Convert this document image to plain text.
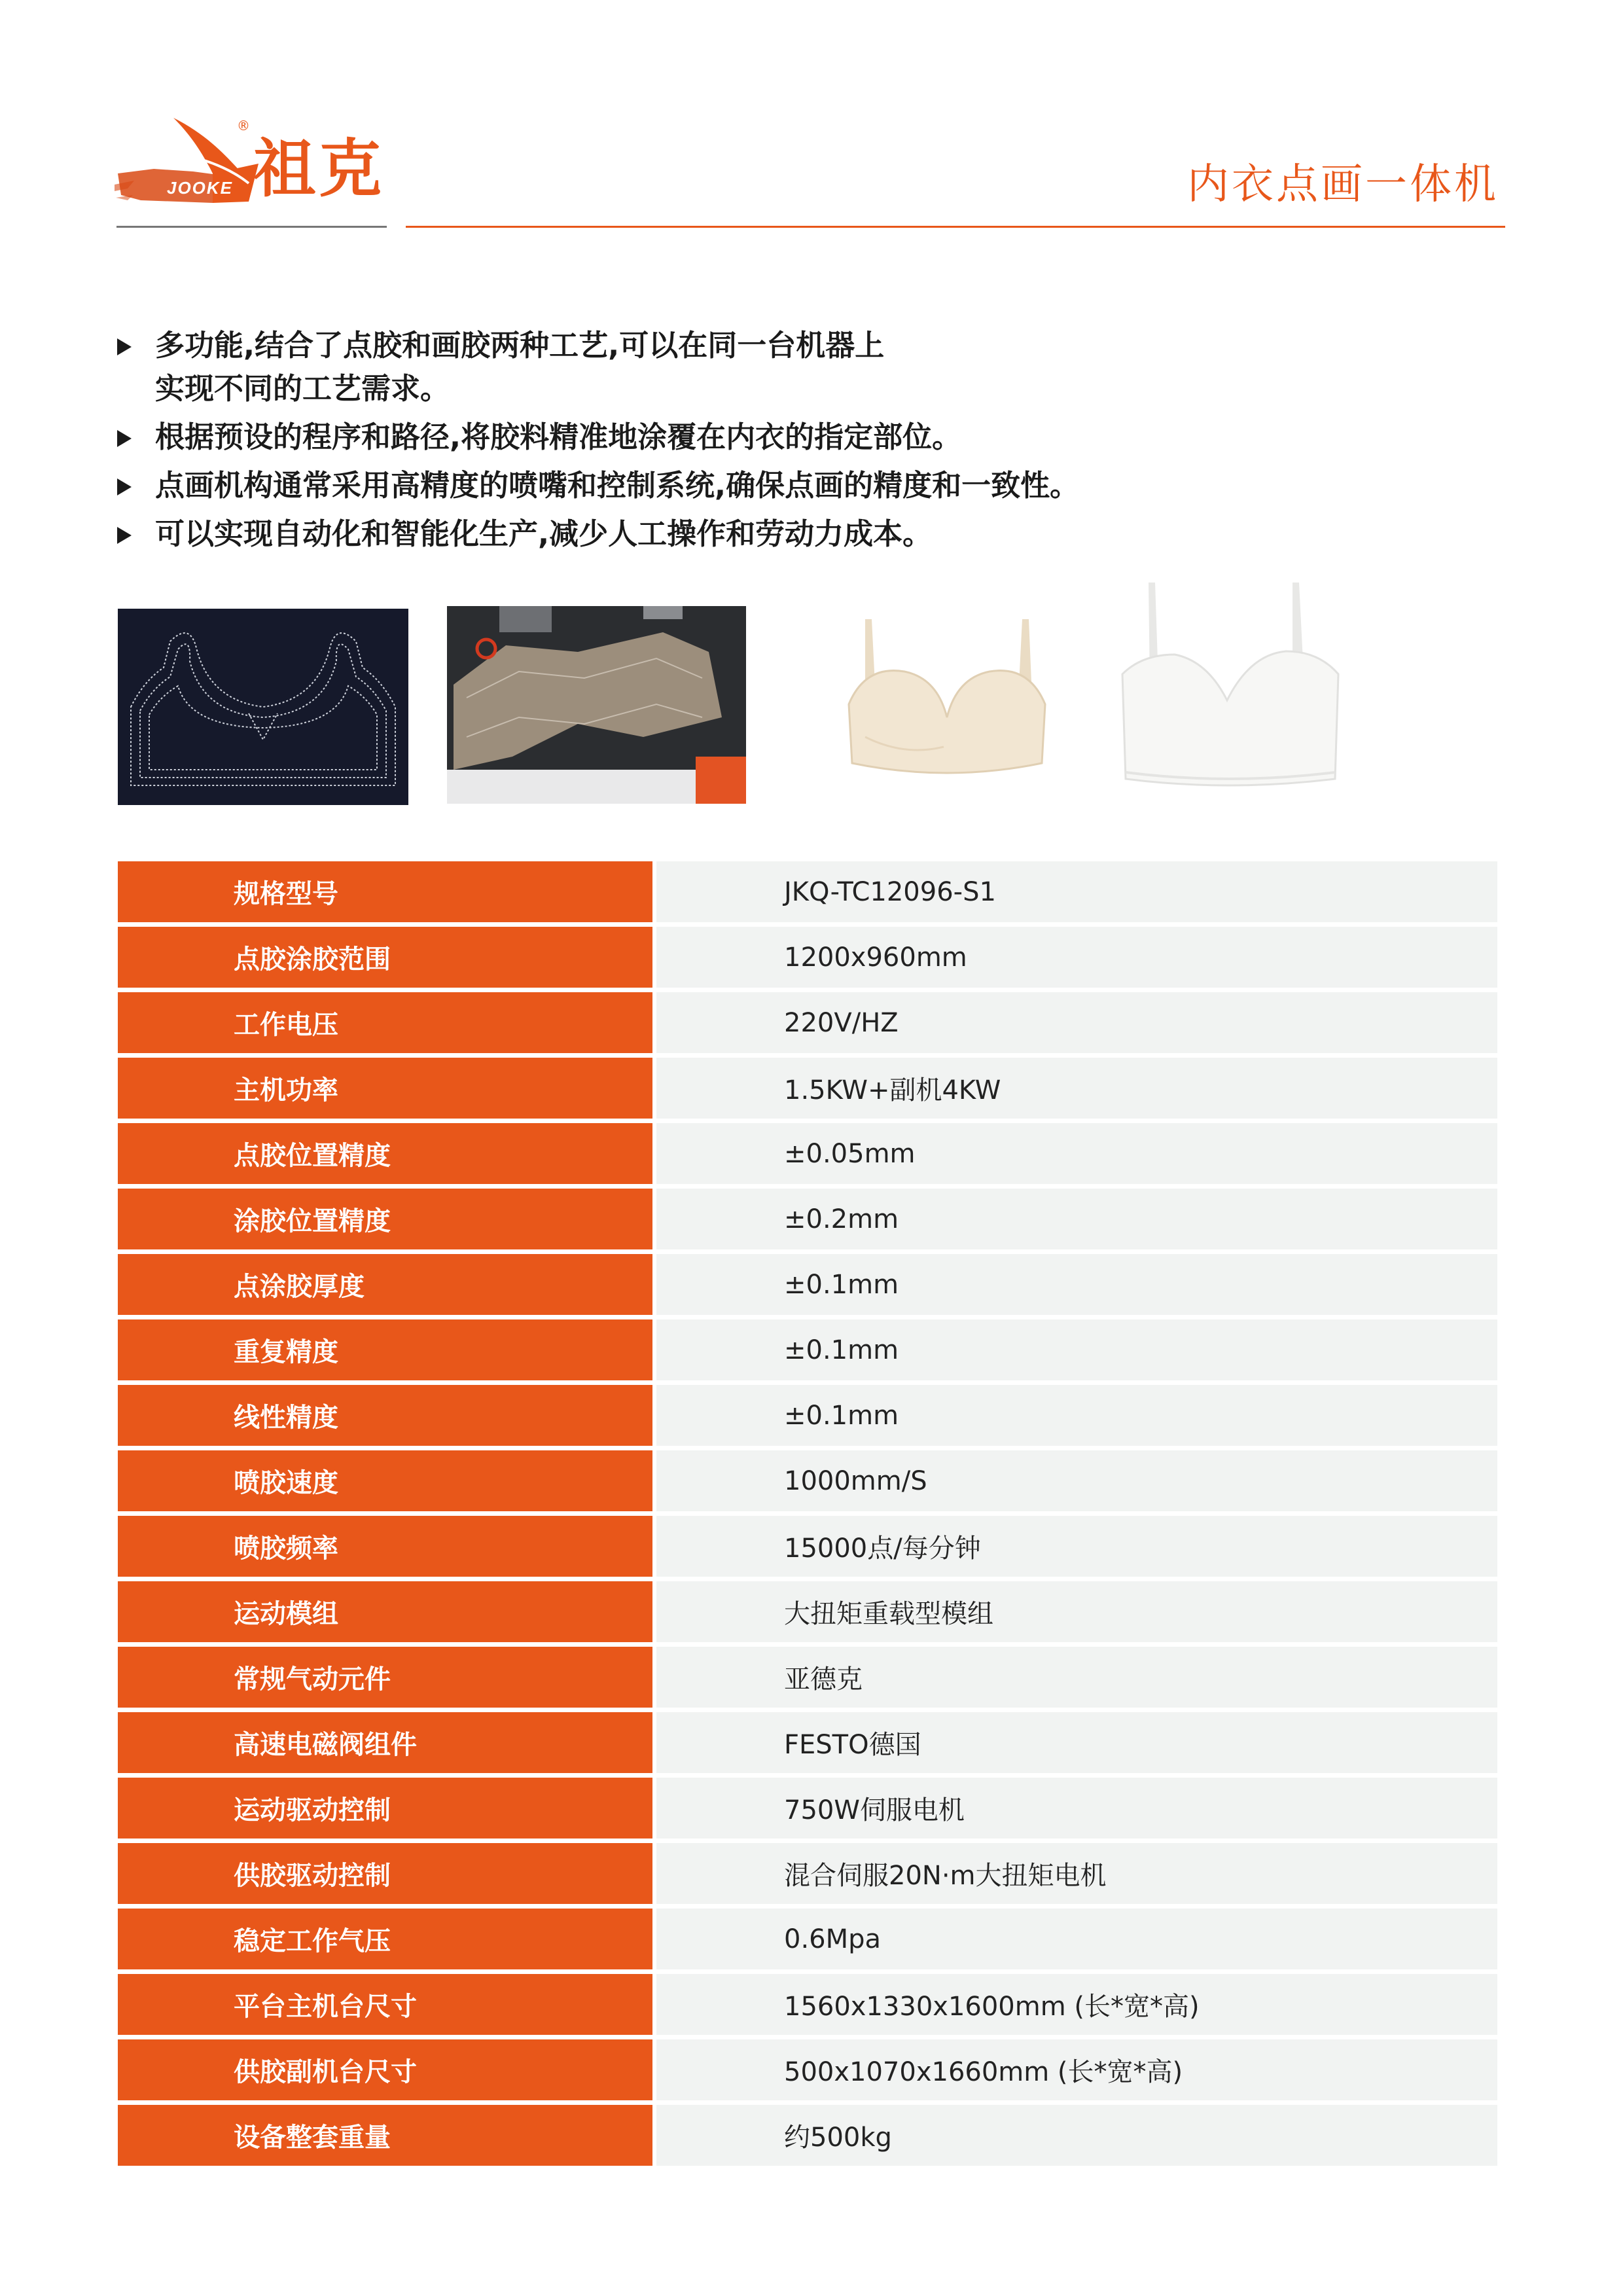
JOOKE
®
祖克	内衣点画一体机
多功能,结合了点胶和画胶两种工艺,可以在同一台机器上
实现不同的工艺需求。
根据预设的程序和路径,将胶料精准地涂覆在内衣的指定部位。
点画机构通常采用高精度的喷嘴和控制系统,确保点画的精度和一致性。
可以实现自动化和智能化生产,减少人工操作和劳动力成本。
规格型号	JKQ-TC12096-S1
点胶涂胶范围	1200x960mm
工作电压	220V/HZ
主机功率	1.5KW+副机4KW
点胶位置精度	±0.05mm
涂胶位置精度	±0.2mm
点涂胶厚度	±0.1mm
重复精度	±0.1mm
线性精度	±0.1mm
喷胶速度	1000mm/S
喷胶频率	15000点/每分钟
运动模组	大扭矩重载型模组
常规气动元件	亚德克
高速电磁阀组件	FESTO德国
运动驱动控制	750W伺服电机
供胶驱动控制	混合伺服20N·m大扭矩电机
稳定工作气压	0.6Mpa
平台主机台尺寸	1560x1330x1600mm (长*宽*高)
供胶副机台尺寸	500x1070x1660mm (长*宽*高)
设备整套重量	约500kg
